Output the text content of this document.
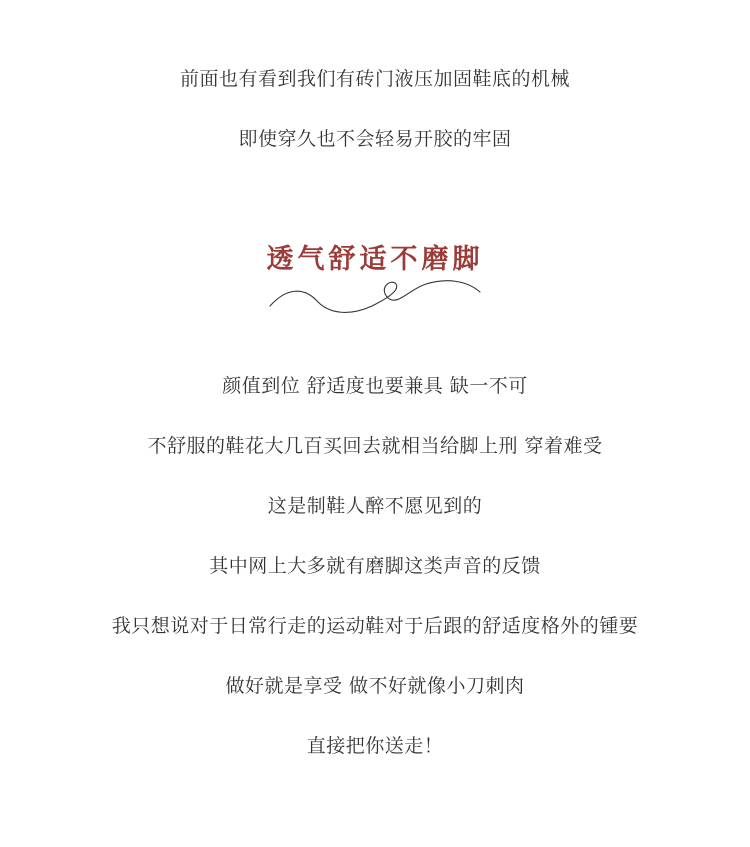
前面也有看到我们有砖门液压加固鞋底的机械

即使穿久也不会轻易开胶的牢固

透气舒适不磨脚

颜值到位 舒适度也要兼具 缺一不可

不舒服的鞋花大几百买回去就相当给脚上刑 穿着难受

这是制鞋人醉不愿见到的

其中网上大多就有磨脚这类声音的反馈

我只想说对于日常行走的运动鞋对于后跟的舒适度格外的锺要

做好就是享受 做不好就像小刀刺肉

直接把你送走！
